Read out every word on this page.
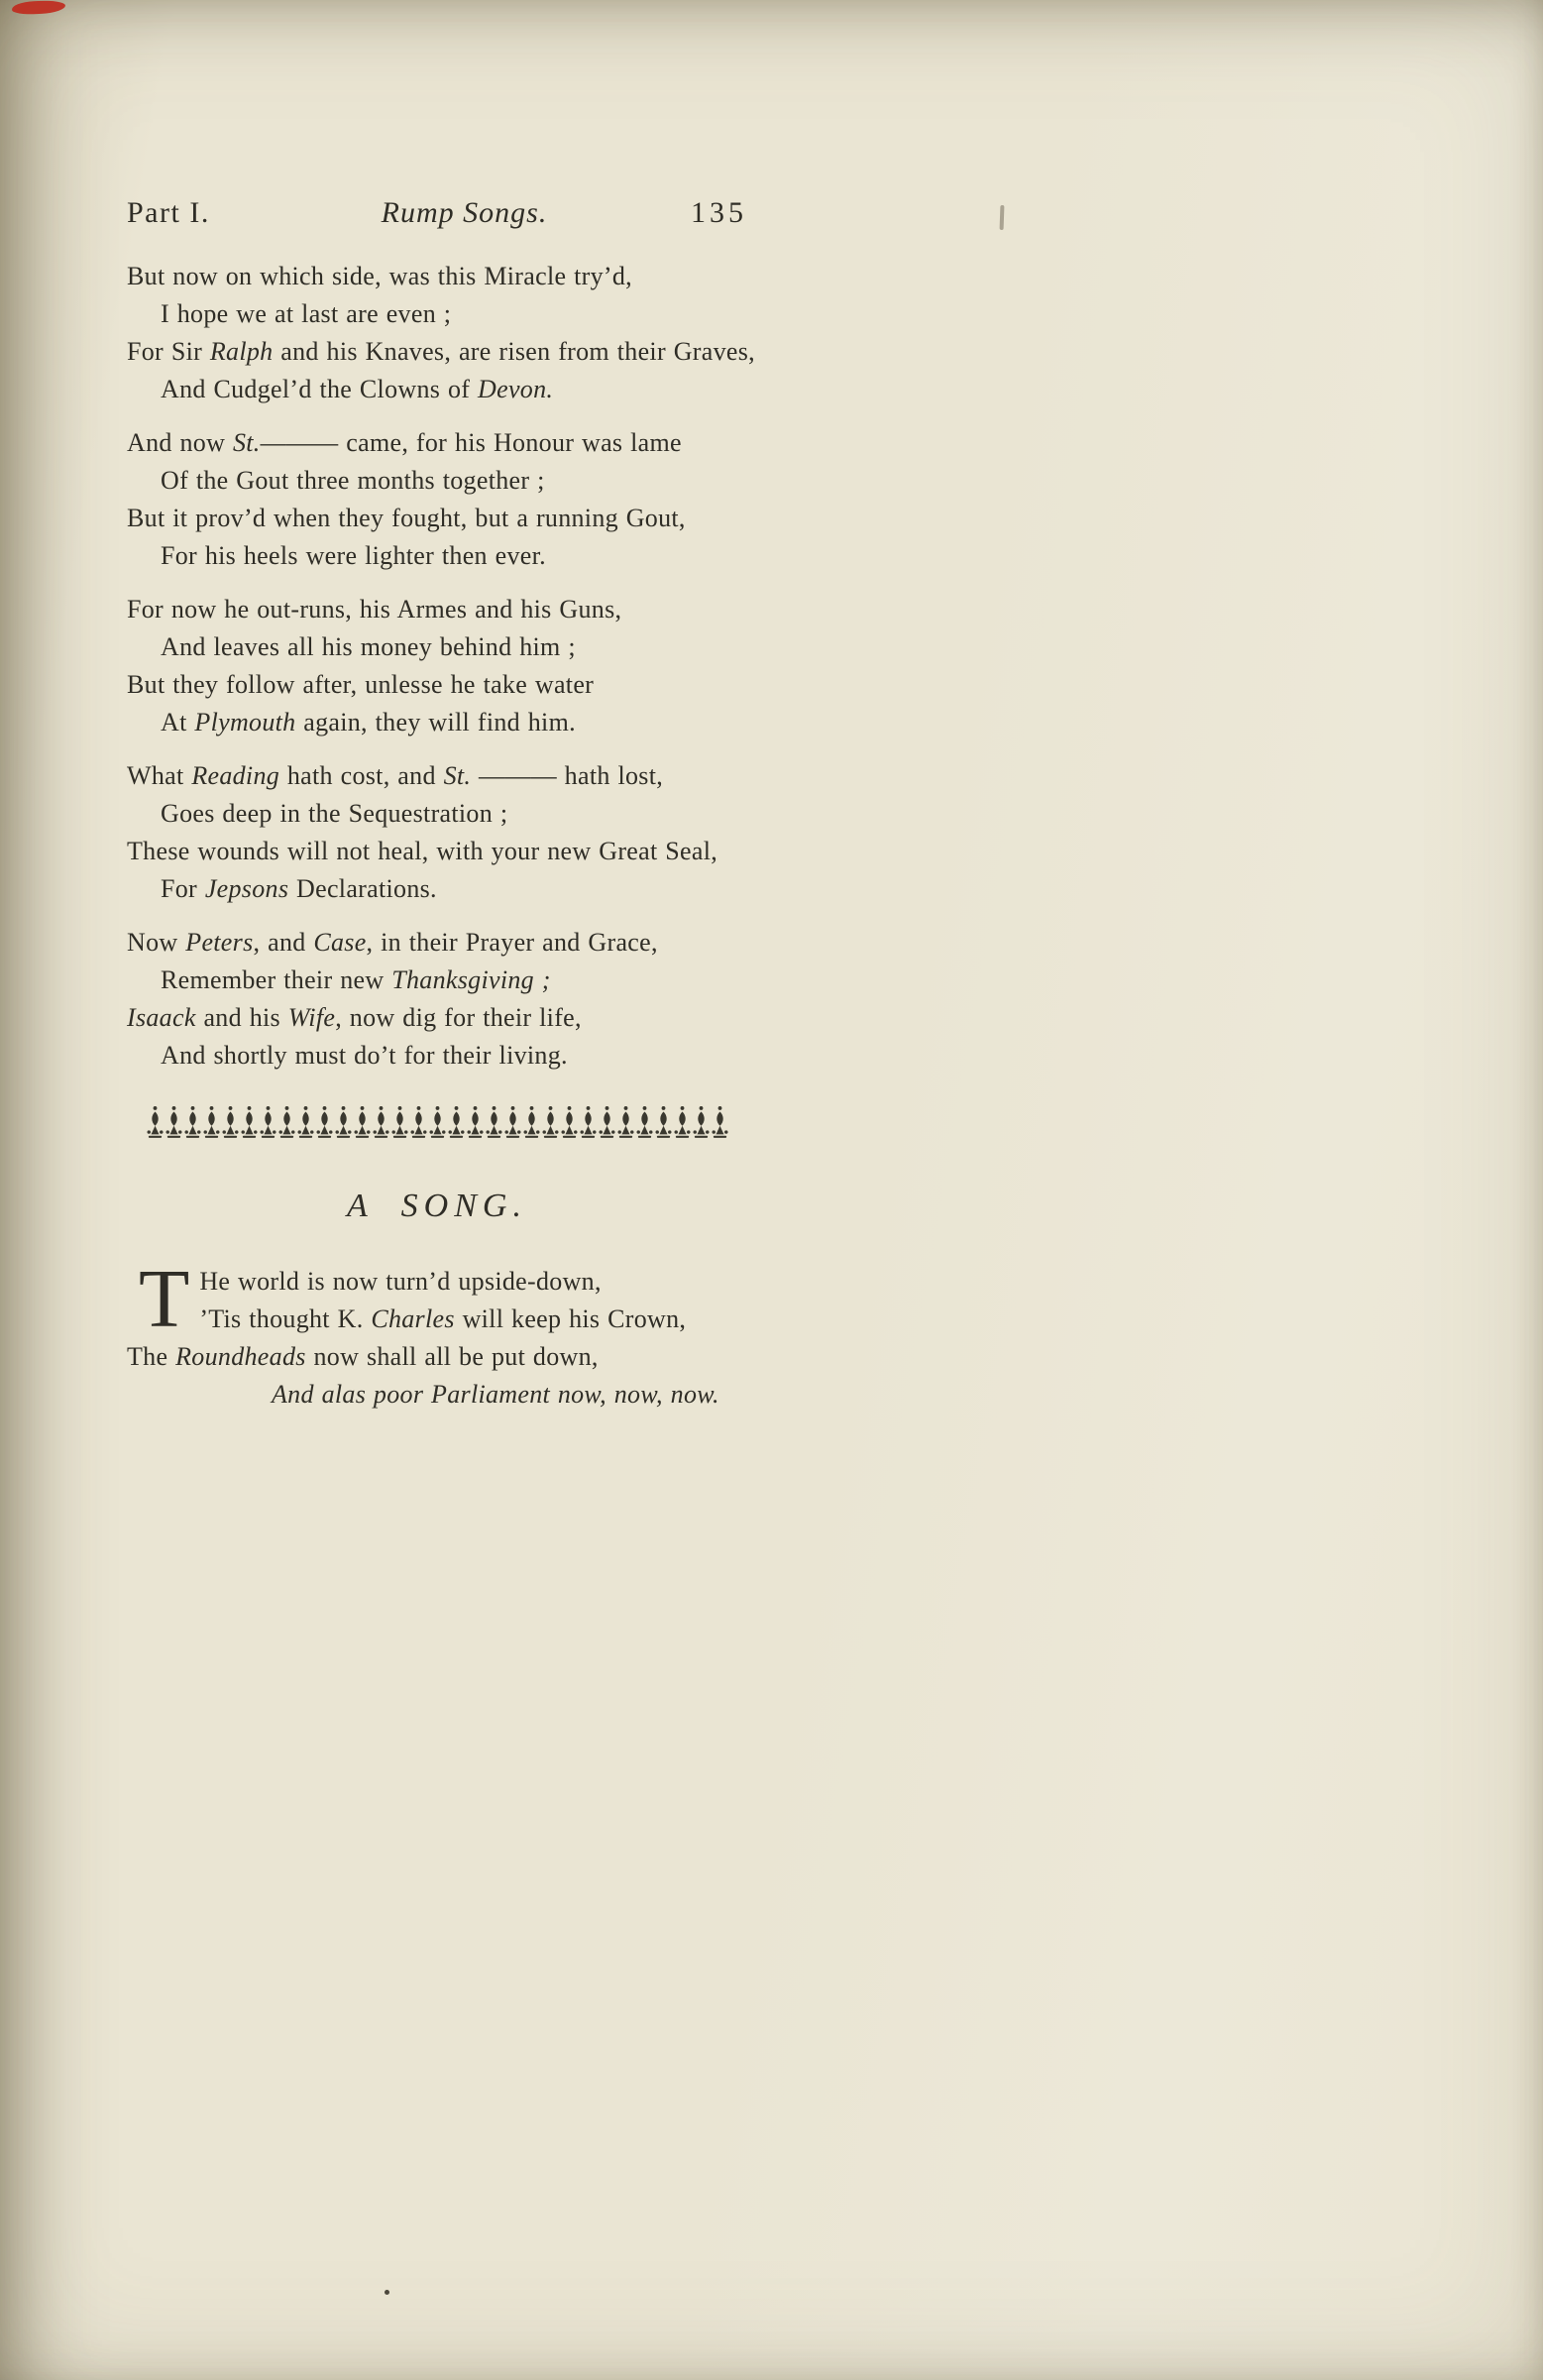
Part I.	Rump Songs.	135
But now on which side, was this Miracle try’d,
I hope we at last are even ;
For Sir Ralph and his Knaves, are risen from their Graves,
And Cudgel’d the Clowns of Devon.
And now St.——— came, for his Honour was lame
Of the Gout three months together ;
But it prov’d when they fought, but a running Gout,
For his heels were lighter then ever.
For now he out-runs, his Armes and his Guns,
And leaves all his money behind him ;
But they follow after, unlesse he take water
At Plymouth again, they will find him.
What Reading hath cost, and St. ——— hath lost,
Goes deep in the Sequestration ;
These wounds will not heal, with your new Great Seal,
For Jepsons Declarations.
Now Peters, and Case, in their Prayer and Grace,
Remember their new Thanksgiving ;
Isaack and his Wife, now dig for their life,
And shortly must do’t for their living.
A SONG.
T He world is now turn’d upside-down,
’Tis thought K. Charles will keep his Crown,
The Roundheads now shall all be put down,
And alas poor Parliament now, now, now.
